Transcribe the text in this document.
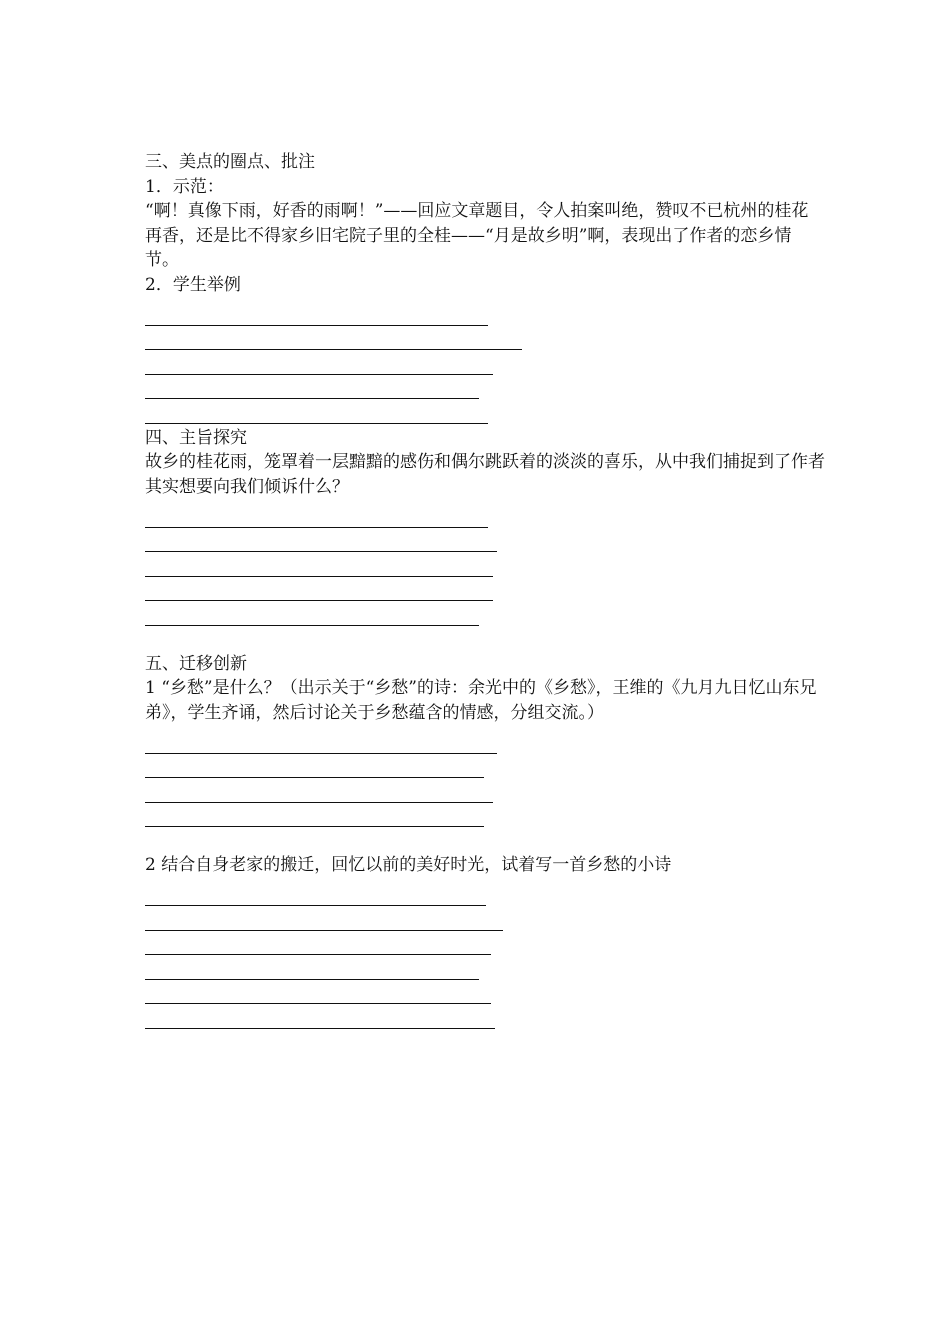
三、美点的圈点、批注

1．示范：

“啊！真像下雨，好香的雨啊！”——回应文章题目，令人拍案叫绝，赞叹不已杭州的桂花再香，还是比不得家乡旧宅院子里的全桂——“月是故乡明”啊，表现出了作者的恋乡情节。

2．学生举例

四、主旨探究

故乡的桂花雨，笼罩着一层黯黯的感伤和偶尔跳跃着的淡淡的喜乐，从中我们捕捉到了作者其实想要向我们倾诉什么？

五、迁移创新

1 “乡愁”是什么？（出示关于“乡愁”的诗：余光中的《乡愁》，王维的《九月九日忆山东兄弟》，学生齐诵，然后讨论关于乡愁蕴含的情感，分组交流。）

2 结合自身老家的搬迁，回忆以前的美好时光，试着写一首乡愁的小诗
